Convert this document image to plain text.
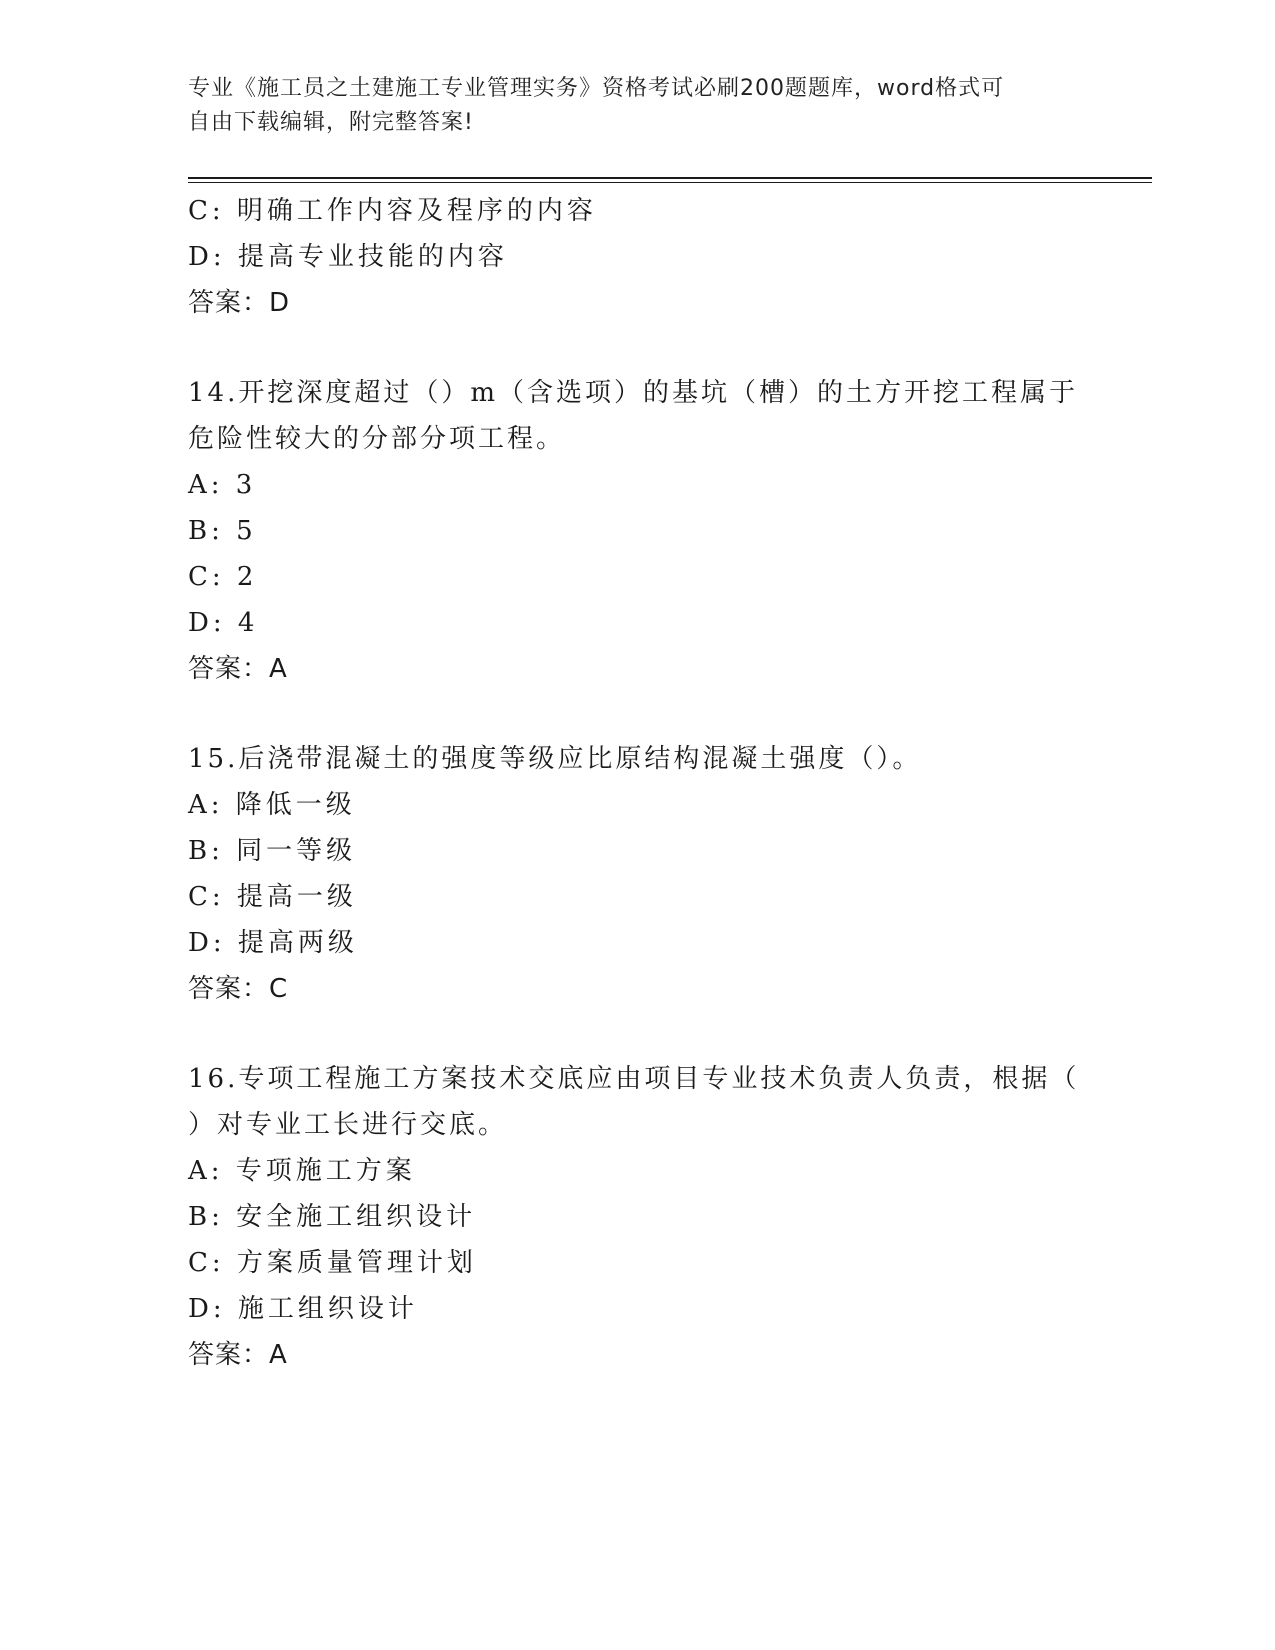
专业《施工员之土建施工专业管理实务》资格考试必刷200题题库，word格式可
自由下载编辑，附完整答案!
C: 明确工作内容及程序的内容
D: 提高专业技能的内容
答案：D
14.开挖深度超过（）m（含选项）的基坑（槽）的土方开挖工程属于
危险性较大的分部分项工程。
A: 3
B: 5
C: 2
D: 4
答案：A
15.后浇带混凝土的强度等级应比原结构混凝土强度（）。
A: 降低一级
B: 同一等级
C: 提高一级
D: 提高两级
答案：C
16.专项工程施工方案技术交底应由项目专业技术负责人负责，根据（
）对专业工长进行交底。
A: 专项施工方案
B: 安全施工组织设计
C: 方案质量管理计划
D: 施工组织设计
答案：A
